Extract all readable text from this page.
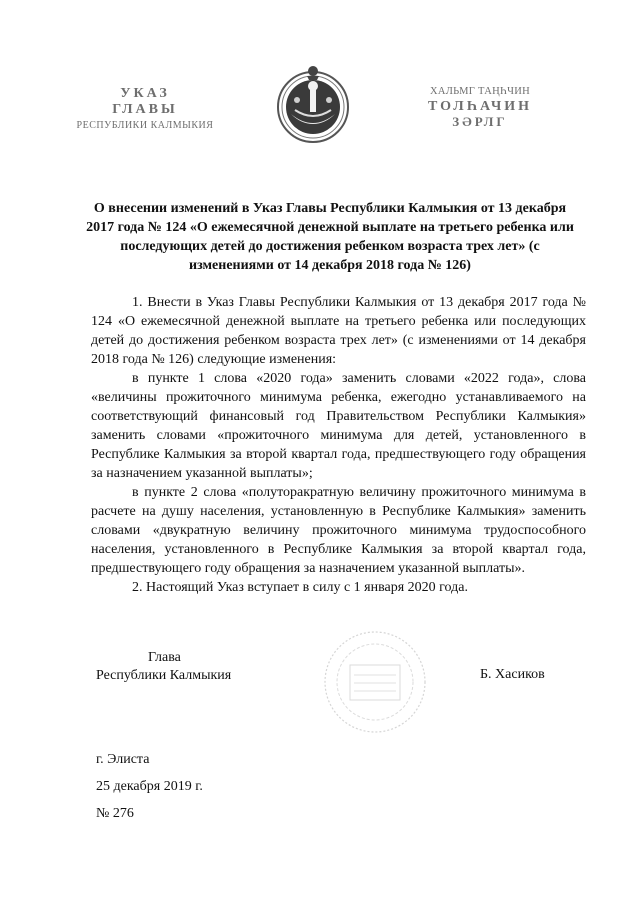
УКАЗ
ГЛАВЫ
РЕСПУБЛИКИ КАЛМЫКИЯ
ХАЛЬМГ ТАҢҺЧИН
ТОЛҺАЧИН
ЗӘРЛГ
О внесении изменений в Указ Главы Республики Калмыкия от 13 декабря 2017 года № 124 «О ежемесячной денежной выплате на третьего ребенка или последующих детей до достижения ребенком возраста трех лет» (с изменениями от 14 декабря 2018 года № 126)

1. Внести в Указ Главы Республики Калмыкия от 13 декабря 2017 года № 124 «О ежемесячной денежной выплате на третьего ребенка или последующих детей до достижения ребенком возраста трех лет» (с изменениями от 14 декабря 2018 года № 126) следующие изменения:

в пункте 1 слова «2020 года» заменить словами «2022 года», слова «величины прожиточного минимума ребенка, ежегодно устанавливаемого на соответствующий финансовый год Правительством Республики Калмыкия» заменить словами «прожиточного минимума для детей, установленного в Республике Калмыкия за второй квартал года, предшествующего году обращения за назначением указанной выплаты»;

в пункте 2 слова «полуторакратную величину прожиточного минимума в расчете на душу населения, установленную в Республике Калмыкия» заменить словами «двукратную величину прожиточного минимума трудоспособного населения, установленного в Республике Калмыкия за второй квартал года, предшествующего году обращения за назначением указанной выплаты».

2. Настоящий Указ вступает в силу с 1 января 2020 года.

Глава
Республики Калмыкия	Б. Хасиков
г. Элиста
25 декабря 2019 г.
№ 276
